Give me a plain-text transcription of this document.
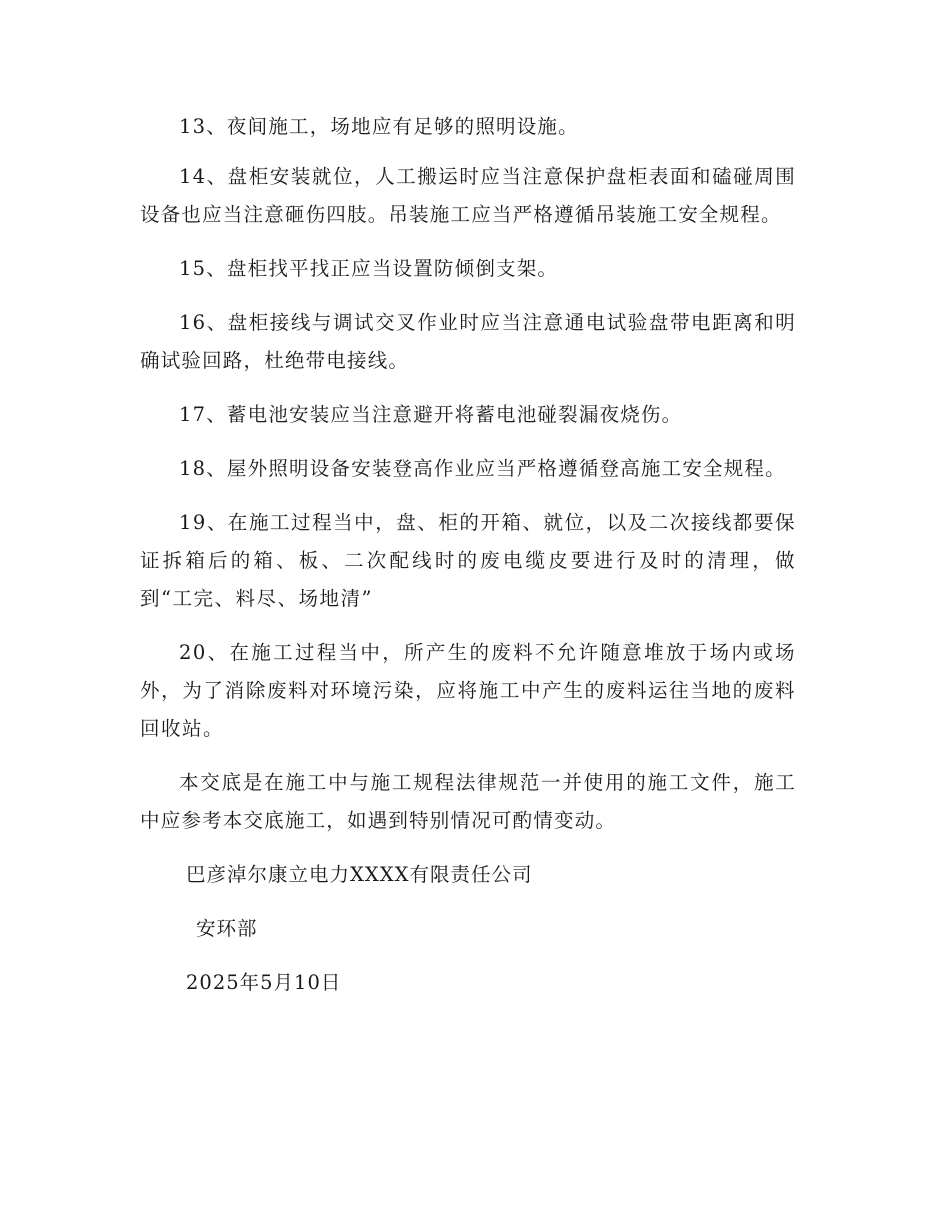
13、夜间施工，场地应有足够的照明设施。

14、盘柜安装就位，人工搬运时应当注意保护盘柜表面和磕碰周围设备也应当注意砸伤四肢。吊装施工应当严格遵循吊装施工安全规程。

15、盘柜找平找正应当设置防倾倒支架。

16、盘柜接线与调试交叉作业时应当注意通电试验盘带电距离和明确试验回路，杜绝带电接线。

17、蓄电池安装应当注意避开将蓄电池碰裂漏夜烧伤。

18、屋外照明设备安装登高作业应当严格遵循登高施工安全规程。

19、在施工过程当中，盘、柜的开箱、就位，以及二次接线都要保证拆箱后的箱、板、二次配线时的废电缆皮要进行及时的清理，做到“工完、料尽、场地清”

20、在施工过程当中，所产生的废料不允许随意堆放于场内或场外，为了消除废料对环境污染，应将施工中产生的废料运往当地的废料回收站。

本交底是在施工中与施工规程法律规范一并使用的施工文件，施工中应参考本交底施工，如遇到特别情况可酌情变动。

巴彦淖尔康立电力XXXX有限责任公司
安环部
2025年5月10日
